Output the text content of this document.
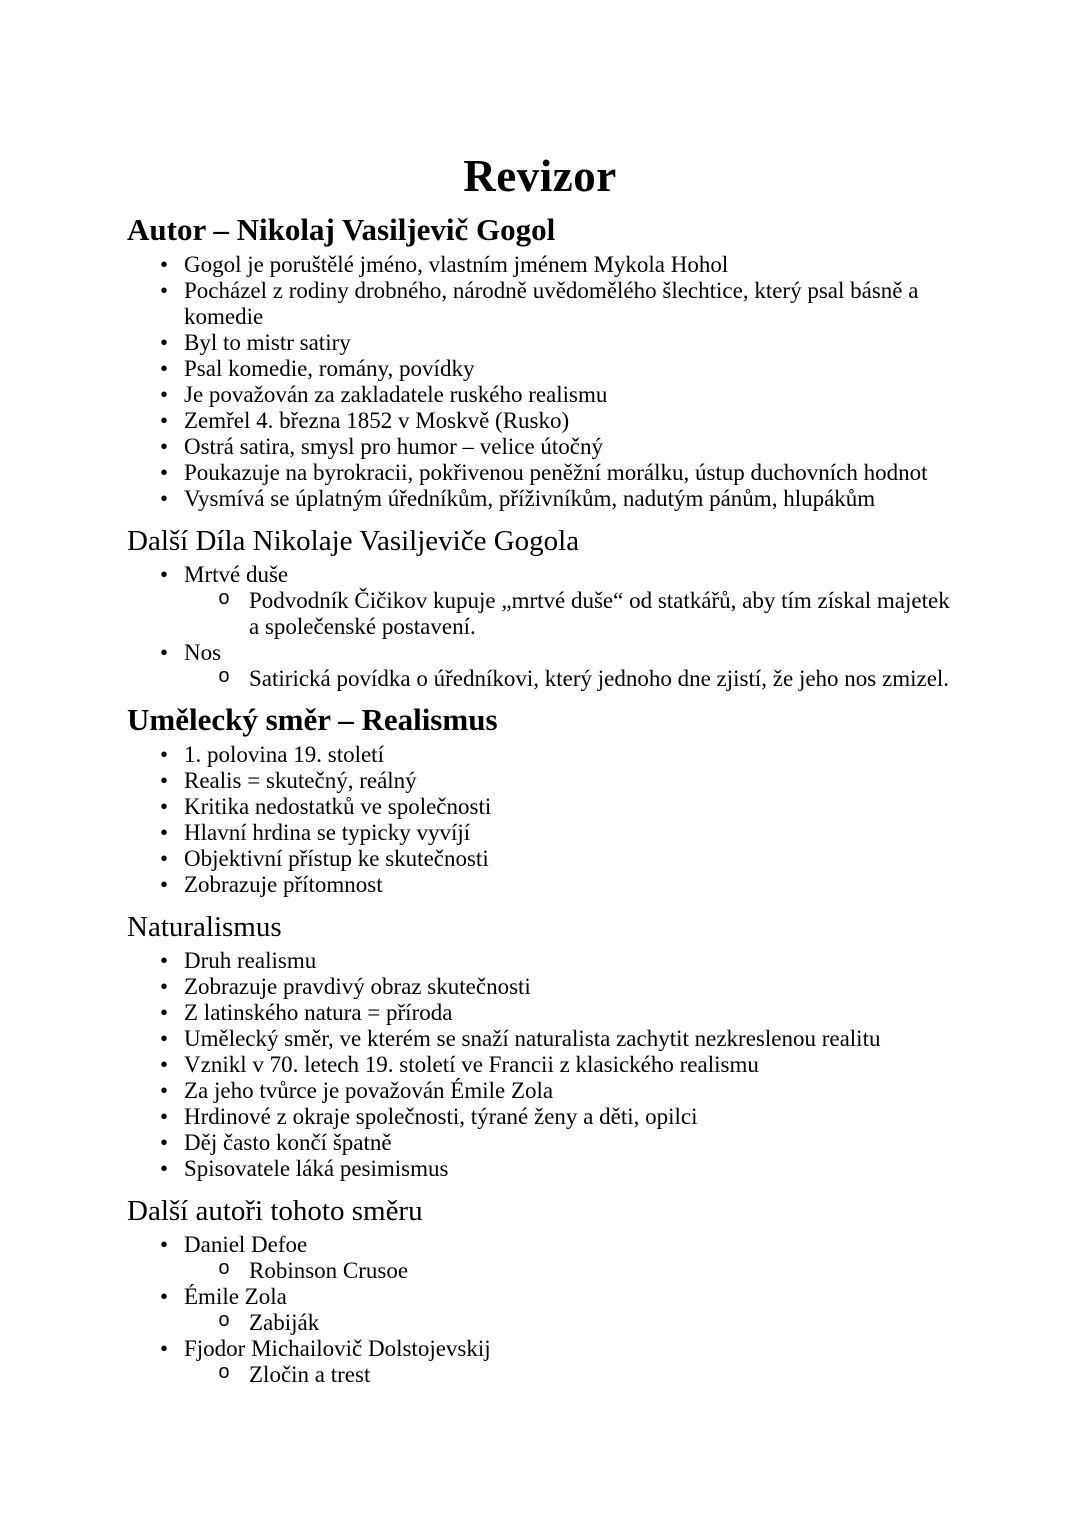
Revizor
Autor – Nikolaj Vasiljevič Gogol
• Gogol je poruštělé jméno, vlastním jménem Mykola Hohol
• Pocházel z rodiny drobného, národně uvědomělého šlechtice, který psal básně a komedie
• Byl to mistr satiry
• Psal komedie, romány, povídky
• Je považován za zakladatele ruského realismu
• Zemřel 4. března 1852 v Moskvě (Rusko)
• Ostrá satira, smysl pro humor – velice útočný
• Poukazuje na byrokracii, pokřivenou peněžní morálku, ústup duchovních hodnot
• Vysmívá se úplatným úředníkům, příživníkům, nadutým pánům, hlupákům
Další Díla Nikolaje Vasiljeviče Gogola
• Mrtvé duše
o Podvodník Čičikov kupuje „mrtvé duše“ od statkářů, aby tím získal majetek a společenské postavení.
• Nos
o Satirická povídka o úředníkovi, který jednoho dne zjistí, že jeho nos zmizel.
Umělecký směr – Realismus
• 1. polovina 19. století
• Realis = skutečný, reálný
• Kritika nedostatků ve společnosti
• Hlavní hrdina se typicky vyvíjí
• Objektivní přístup ke skutečnosti
• Zobrazuje přítomnost
Naturalismus
• Druh realismu
• Zobrazuje pravdivý obraz skutečnosti
• Z latinského natura = příroda
• Umělecký směr, ve kterém se snaží naturalista zachytit nezkreslenou realitu
• Vznikl v 70. letech 19. století ve Francii z klasického realismu
• Za jeho tvůrce je považován Émile Zola
• Hrdinové z okraje společnosti, týrané ženy a děti, opilci
• Děj často končí špatně
• Spisovatele láká pesimismus
Další autoři tohoto směru
• Daniel Defoe
o Robinson Crusoe
• Émile Zola
o Zabiják
• Fjodor Michailovič Dolstojevskij
o Zločin a trest
